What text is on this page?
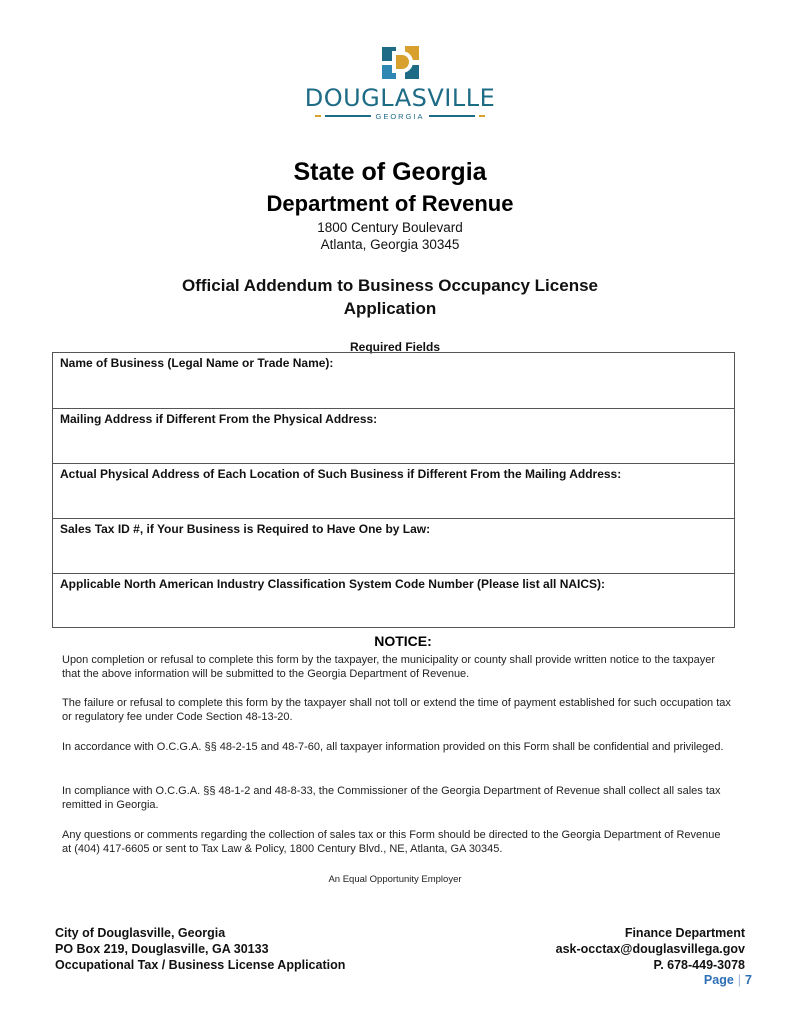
DOUGLASVILLE
GEORGIA
State of Georgia
Department of Revenue
1800 Century Boulevard
Atlanta, Georgia 30345
Official Addendum to Business Occupancy License
Application
Required Fields
Name of Business (Legal Name or Trade Name):
Mailing Address if Different From the Physical Address:
Actual Physical Address of Each Location of Such Business if Different From the Mailing Address:
Sales Tax ID #, if Your Business is Required to Have One by Law:
Applicable North American Industry Classification System Code Number (Please list all NAICS):
NOTICE:
Upon completion or refusal to complete this form by the taxpayer, the municipality or county shall provide written notice to the taxpayer that the above information will be submitted to the Georgia Department of Revenue.
The failure or refusal to complete this form by the taxpayer shall not toll or extend the time of payment established for such occupation tax or regulatory fee under Code Section 48-13-20.
In accordance with O.C.G.A. §§ 48-2-15 and 48-7-60, all taxpayer information provided on this Form shall be confidential and privileged.
In compliance with O.C.G.A. §§ 48-1-2 and 48-8-33, the Commissioner of the Georgia Department of Revenue shall collect all sales tax remitted in Georgia.
Any questions or comments regarding the collection of sales tax or this Form should be directed to the Georgia Department of Revenue at (404) 417-6605 or sent to Tax Law & Policy, 1800 Century Blvd., NE, Atlanta, GA 30345.
An Equal Opportunity Employer
City of Douglasville, Georgia
PO Box 219, Douglasville, GA 30133
Occupational Tax / Business License Application
Finance Department
ask-occtax@douglasvillega.gov
P. 678-449-3078
Page | 7
